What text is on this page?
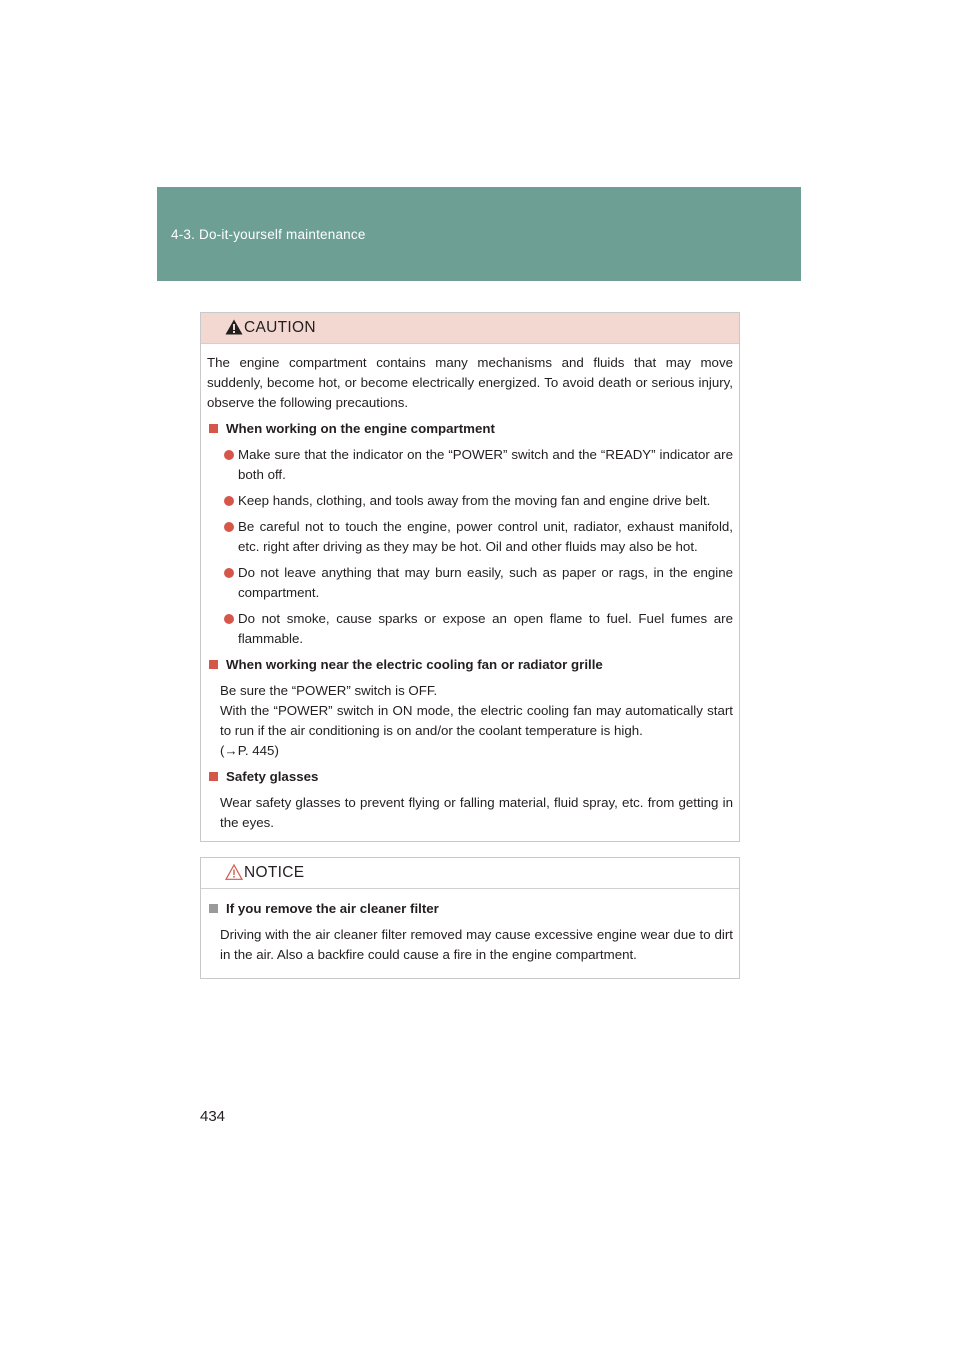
4-3. Do-it-yourself maintenance
CAUTION
The engine compartment contains many mechanisms and fluids that may move suddenly, become hot, or become electrically energized. To avoid death or serious injury, observe the following precautions.
When working on the engine compartment
Make sure that the indicator on the “POWER” switch and the “READY” indicator are both off.
Keep hands, clothing, and tools away from the moving fan and engine drive belt.
Be careful not to touch the engine, power control unit, radiator, exhaust manifold, etc. right after driving as they may be hot. Oil and other fluids may also be hot.
Do not leave anything that may burn easily, such as paper or rags, in the engine compartment.
Do not smoke, cause sparks or expose an open flame to fuel. Fuel fumes are flammable.
When working near the electric cooling fan or radiator grille
Be sure the “POWER” switch is OFF.
With the “POWER” switch in ON mode, the electric cooling fan may automatically start to run if the air conditioning is on and/or the coolant temperature is high.
(→P. 445)
Safety glasses
Wear safety glasses to prevent flying or falling material, fluid spray, etc. from getting in the eyes.
NOTICE
If you remove the air cleaner filter
Driving with the air cleaner filter removed may cause excessive engine wear due to dirt in the air. Also a backfire could cause a fire in the engine compartment.
434
